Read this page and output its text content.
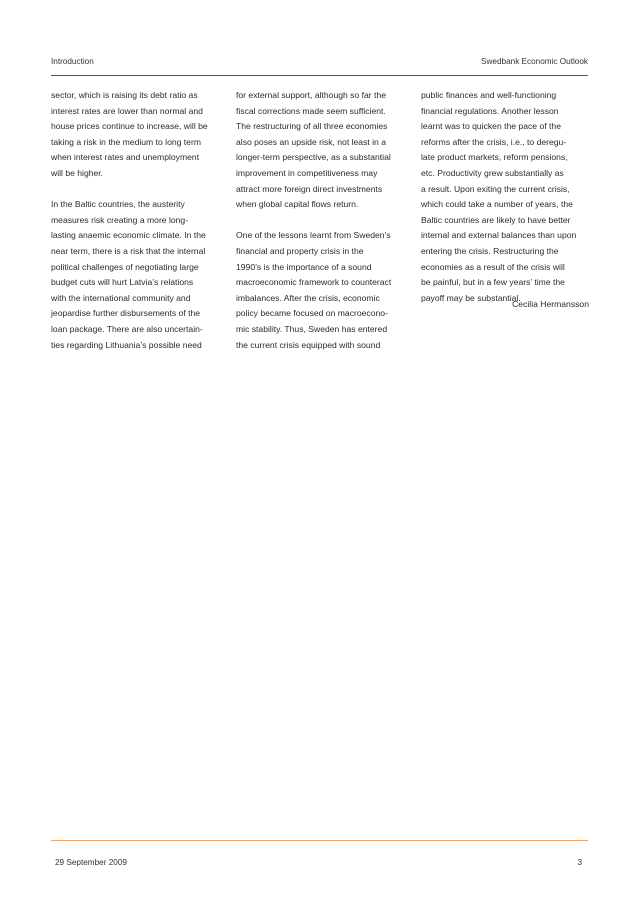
Introduction	Swedbank Economic Outlook
sector, which is raising its debt ratio as
interest rates are lower than normal and
house prices continue to increase, will be
taking a risk in the medium to long term
when interest rates and unemployment
will be higher.
In the Baltic countries, the austerity
measures risk creating a more long-
lasting anaemic economic climate. In the
near term, there is a risk that the internal
political challenges of negotiating large
budget cuts will hurt Latvia’s relations
with the international community and
jeopardise further disbursements of the
loan package. There are also uncertain-
ties regarding Lithuania’s possible need
for external support, although so far the
fiscal corrections made seem sufficient.
The restructuring of all three economies
also poses an upside risk, not least in a
longer-term perspective, as a substantial
improvement in competitiveness may
attract more foreign direct investments
when global capital flows return.
One of the lessons learnt from Sweden’s
financial and property crisis in the
1990’s is the importance of a sound
macroeconomic framework to counteract
imbalances. After the crisis, economic
policy became focused on macroecono-
mic stability. Thus, Sweden has entered
the current crisis equipped with sound
public finances and well-functioning
financial regulations. Another lesson
learnt was to quicken the pace of the
reforms after the crisis, i.e., to deregu-
late product markets, reform pensions,
etc. Productivity grew substantially as
a result. Upon exiting the current crisis,
which could take a number of years, the
Baltic countries are likely to have better
internal and external balances than upon
entering the crisis. Restructuring the
economies as a result of the crisis will
be painful, but in a few years’ time the
payoff may be substantial.
Cecilia Hermansson
29 September 2009	3
